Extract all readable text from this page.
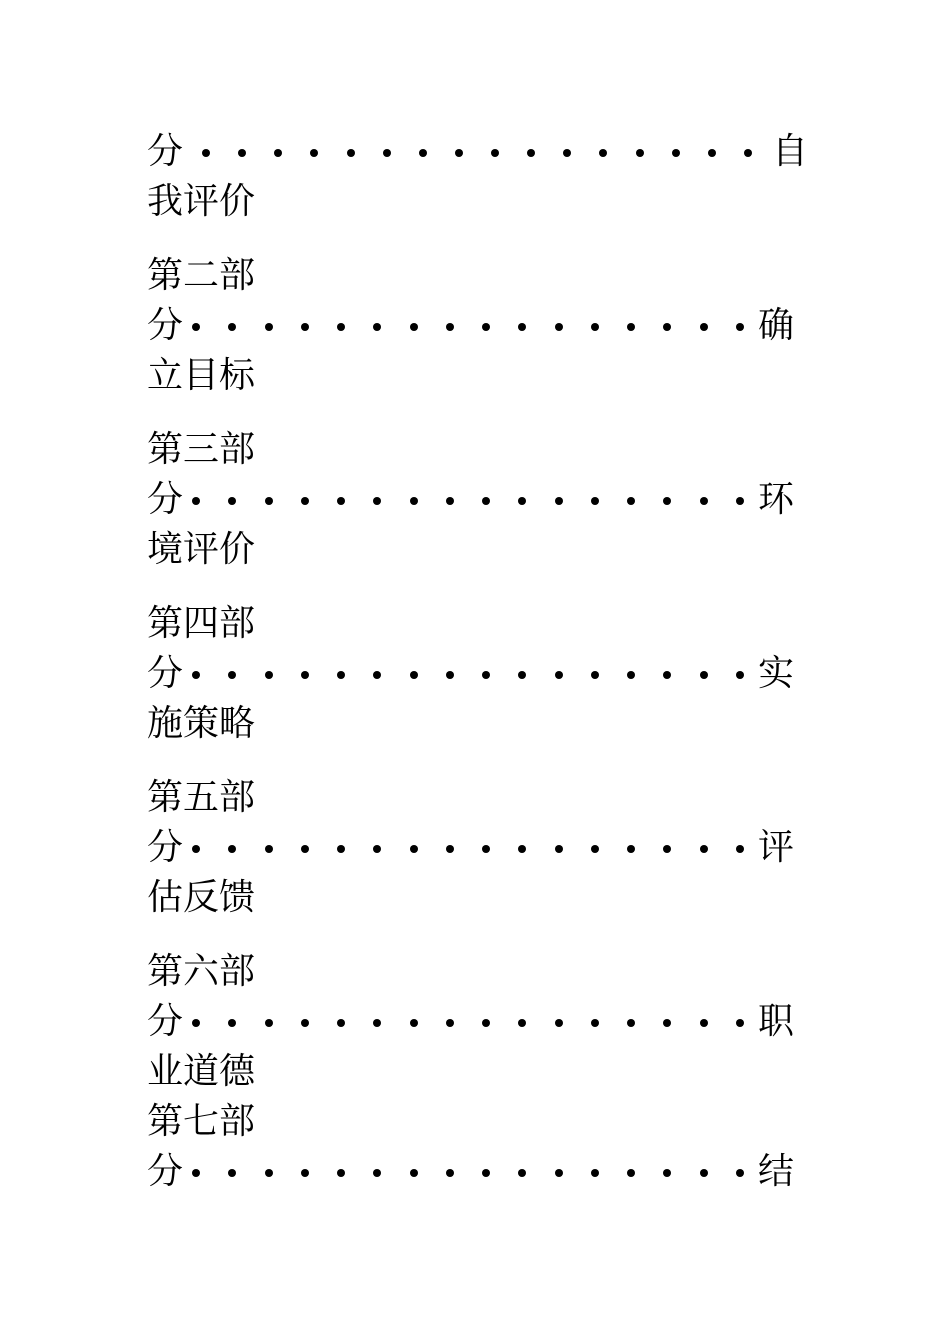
分	自
我评价
第二部
分	确
立目标
第三部
分	环
境评价
第四部
分	实
施策略
第五部
分	评
估反馈
第六部
分	职
业道德
第七部
分	结
